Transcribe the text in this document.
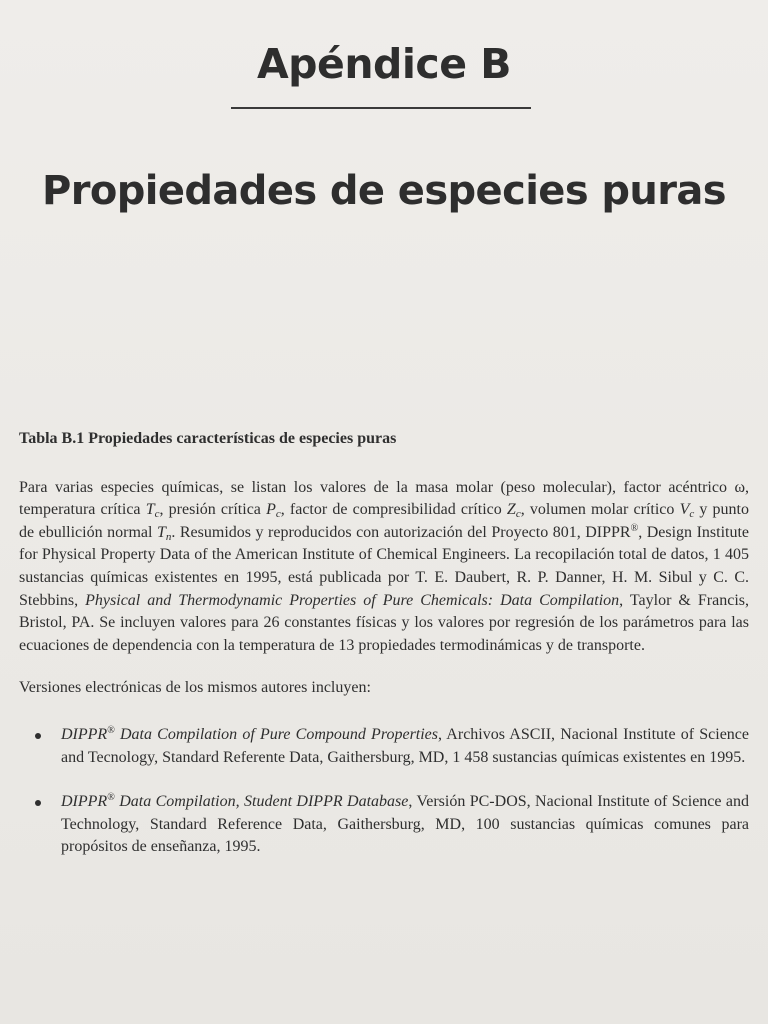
Apéndice B
Propiedades de especies puras

Tabla B.1 Propiedades características de especies puras

Para varias especies químicas, se listan los valores de la masa molar (peso molecular), factor acéntrico ω, temperatura crítica $T_c$, presión crítica $P_c$, factor de compresibilidad crítico $Z_c$, volumen molar crítico $V_c$ y punto de ebullición normal $T_n$. Resumidos y reproducidos con autorización del Proyecto 801, DIPPR®, Design Institute for Physical Property Data of the American Institute of Chemical Engineers. La recopilación total de datos, 1 405 sustancias químicas existentes en 1995, está publicada por T. E. Daubert, R. P. Danner, H. M. Sibul y C. C. Stebbins, Physical and Thermodynamic Properties of Pure Chemicals: Data Compilation, Taylor & Francis, Bristol, PA. Se incluyen valores para 26 constantes físicas y los valores por regresión de los parámetros para las ecuaciones de dependencia con la temperatura de 13 propiedades termodinámicas y de transporte.

Versiones electrónicas de los mismos autores incluyen:

DIPPR® Data Compilation of Pure Compound Properties, Archivos ASCII, Nacional Institute of Science and Tecnology, Standard Referente Data, Gaithersburg, MD, 1 458 sustancias químicas existentes en 1995.
DIPPR® Data Compilation, Student DIPPR Database, Versión PC-DOS, Nacional Institute of Science and Technology, Standard Reference Data, Gaithersburg, MD, 100 sustancias químicas comunes para propósitos de enseñanza, 1995.
